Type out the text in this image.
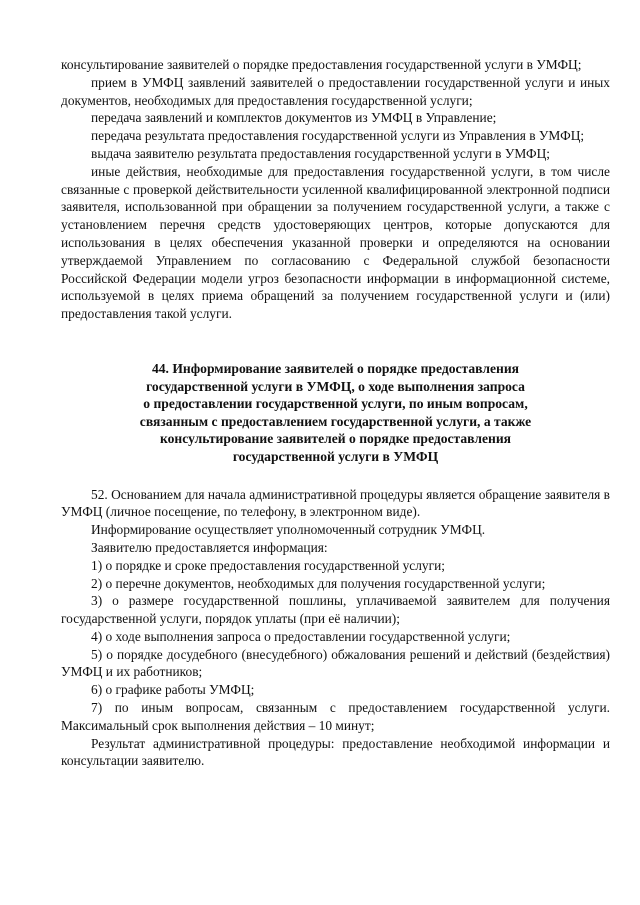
консультирование заявителей о порядке предоставления государственной услуги в УМФЦ;

прием в УМФЦ заявлений заявителей о предоставлении государственной услуги и иных документов, необходимых для предоставления государственной услуги;

передача заявлений и комплектов документов из УМФЦ в Управление;

передача результата предоставления государственной услуги из Управления в УМФЦ;

выдача заявителю результата предоставления государственной услуги в УМФЦ;

иные действия, необходимые для предоставления государственной услуги, в том числе связанные с проверкой действительности усиленной квалифицированной электронной подписи заявителя, использованной при обращении за получением государственной услуги, а также с установлением перечня средств удостоверяющих центров, которые допускаются для использования в целях обеспечения указанной проверки и определяются на основании утверждаемой Управлением по согласованию с Федеральной службой безопасности Российской Федерации модели угроз безопасности информации в информационной системе, используемой в целях приема обращений за получением государственной услуги и (или) предоставления такой услуги.

44. Информирование заявителей о порядке предоставления
государственной услуги в УМФЦ, о ходе выполнения запроса
о предоставлении государственной услуги, по иным вопросам,
связанным с предоставлением государственной услуги, а также
консультирование заявителей о порядке предоставления
государственной услуги в УМФЦ

52. Основанием для начала административной процедуры является обращение заявителя в УМФЦ (личное посещение, по телефону, в электронном виде).

Информирование осуществляет уполномоченный сотрудник УМФЦ.

Заявителю предоставляется информация:

1) о порядке и сроке предоставления государственной услуги;

2) о перечне документов, необходимых для получения государственной услуги;

3) о размере государственной пошлины, уплачиваемой заявителем для получения государственной услуги, порядок уплаты (при её наличии);

4) о ходе выполнения запроса о предоставлении государственной услуги;

5) о порядке досудебного (внесудебного) обжалования решений и действий (бездействия) УМФЦ и их работников;

6) о графике работы УМФЦ;

7) по иным вопросам, связанным с предоставлением государственной услуги. Максимальный срок выполнения действия – 10 минут;

Результат административной процедуры: предоставление необходимой информации и консультации заявителю.
